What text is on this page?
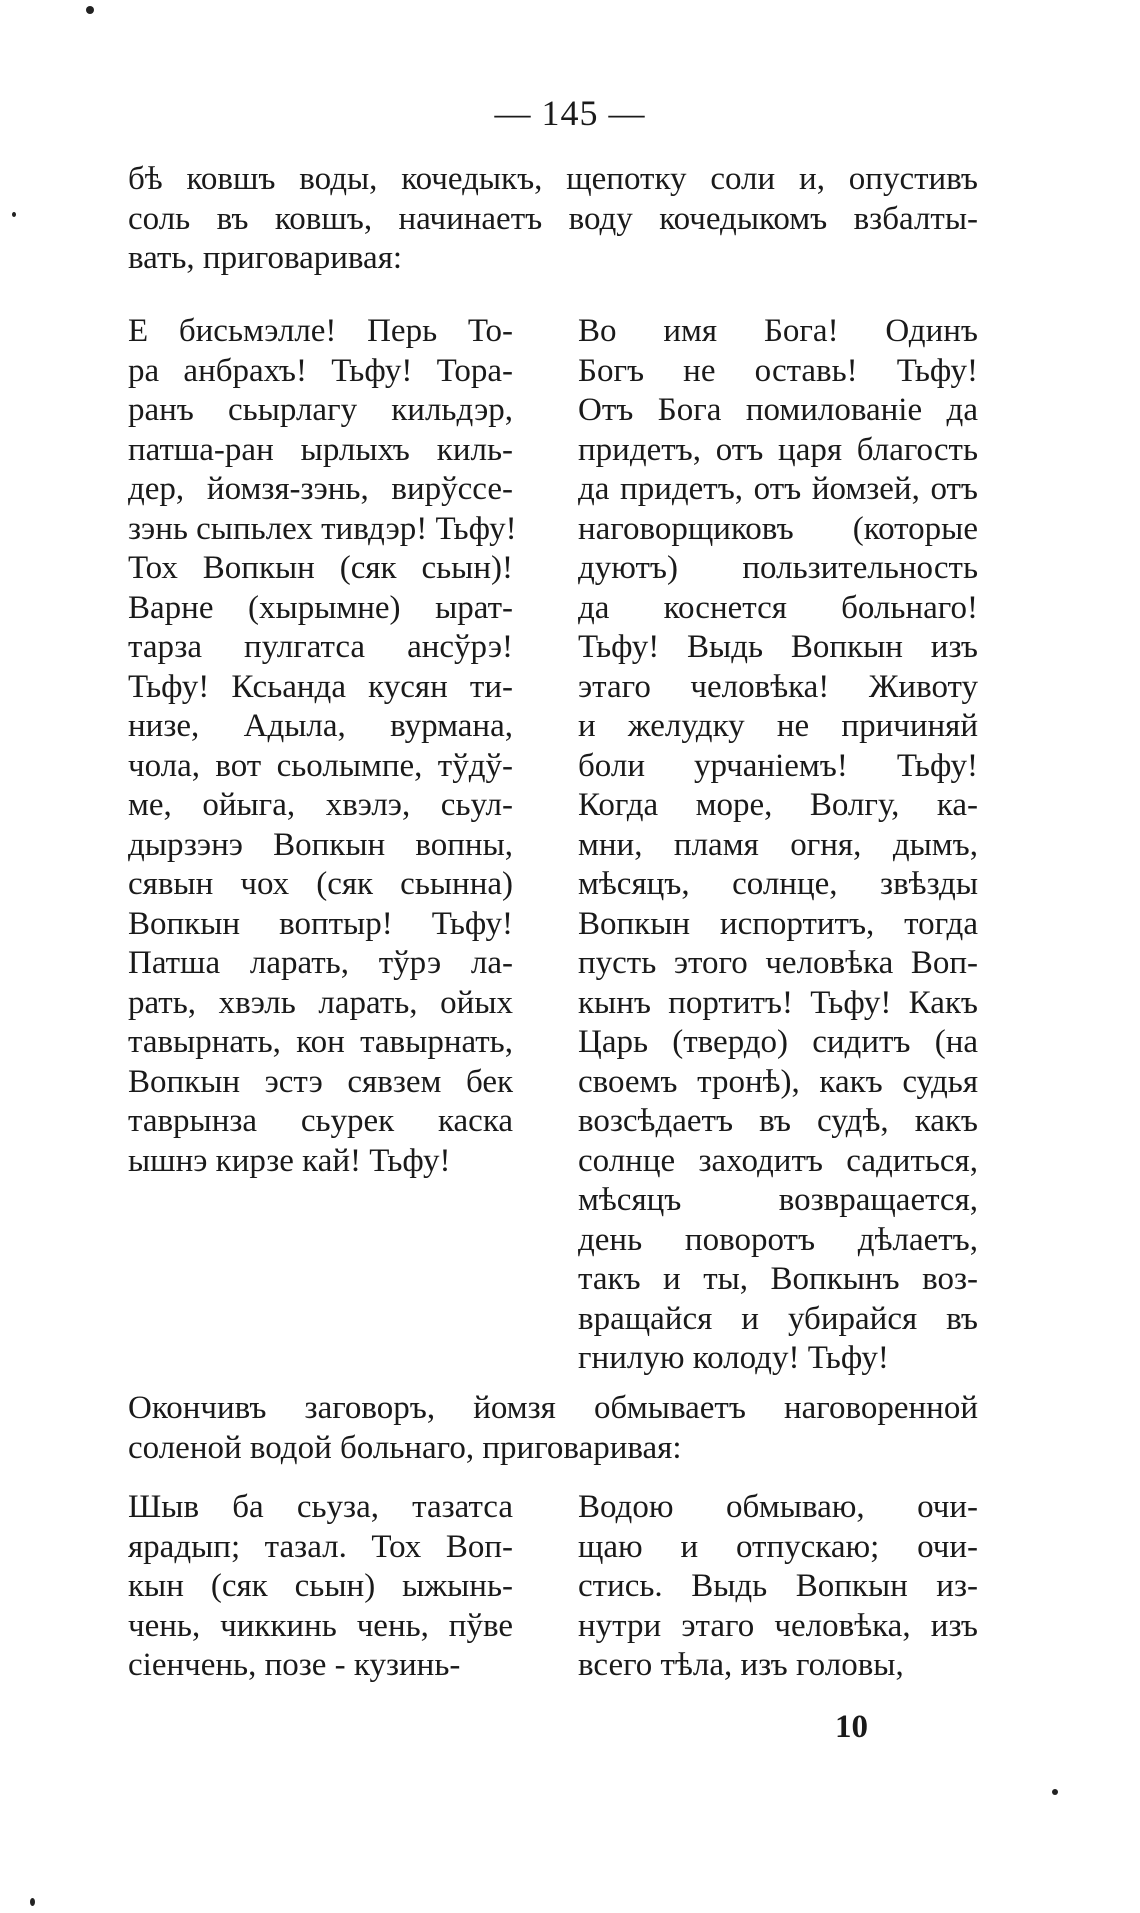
— 145 —
бѣ ковшъ воды, кочедыкъ, щепотку соли и, опустивъ
соль въ ковшъ, начинаетъ воду кочедыкомъ взбалты-
вать, приговаривая:
Е бисьмэлле! Перь То-
ра анбрахъ! Тьфу! Тора-
ранъ сьырлагу кильдэр,
патша-ран ырлыхъ киль-
дер, йомзя-зэнь, вирўссе-
зэнь сыпьлех тивдэр! Тьфу!
Тох Вопкын (сяк сьын)!
Варне (хырымне) ыpат-
тарза пулгатса ансўрэ!
Тьфу! Ксьанда кусян ти-
низе, Адыла, вурмана,
чола, вот сьолымпе, тўдў-
ме, ойыга, хвэлэ, сьул-
дырзэнэ Вопкын вопны,
сявын чох (сяк сьынна)
Вопкын воптыр! Тьфу!
Патша ларать, тўрэ ла-
рать, хвэль ларать, ойых
тавырнать, кон тавырнать,
Вопкын эстэ сявзем бек
таврынза сьурек каска
ышнэ кирзе кай! Тьфу!
Во имя Бога! Одинъ
Богъ не оставь! Тьфу!
Отъ Бога помилованіе да
придетъ, отъ царя благость
да придетъ, отъ йомзей, отъ
наговорщиковъ (которые
дуютъ) пользительность
да коснется больнаго!
Тьфу! Выдь Вопкын изъ
этаго человѣка! Животу
и желудку не причиняй
боли урчаніемъ! Тьфу!
Когда море, Волгу, ка-
мни, пламя огня, дымъ,
мѣсяцъ, солнце, звѣзды
Вопкын испортитъ, тогда
пусть этого человѣка Воп-
кынъ портитъ! Тьфу! Какъ
Царь (твердо) сидитъ (на
своемъ тронѣ), какъ судья
возсѣдаетъ въ судѣ, какъ
солнце заходитъ садиться,
мѣсяцъ возвращается,
день поворотъ дѣлаетъ,
такъ и ты, Вопкынъ воз-
вращайся и убирайся въ
гнилую колоду! Тьфу!
Окончивъ заговоръ, йомзя обмываетъ наговоренной
соленой водой больнаго, приговаривая:
Шыв ба сьуза, тазатса
ярадып; тазал. Тох Воп-
кын (сяк сьын) ыжынь-
чень, чиккинь чень, пўве
сіенчень, позе - кузинь-
Водою обмываю, очи-
щаю и отпускаю; очи-
стись. Выдь Вопкын из-
нутри этаго человѣка, изъ
всего тѣла, изъ головы,
10
